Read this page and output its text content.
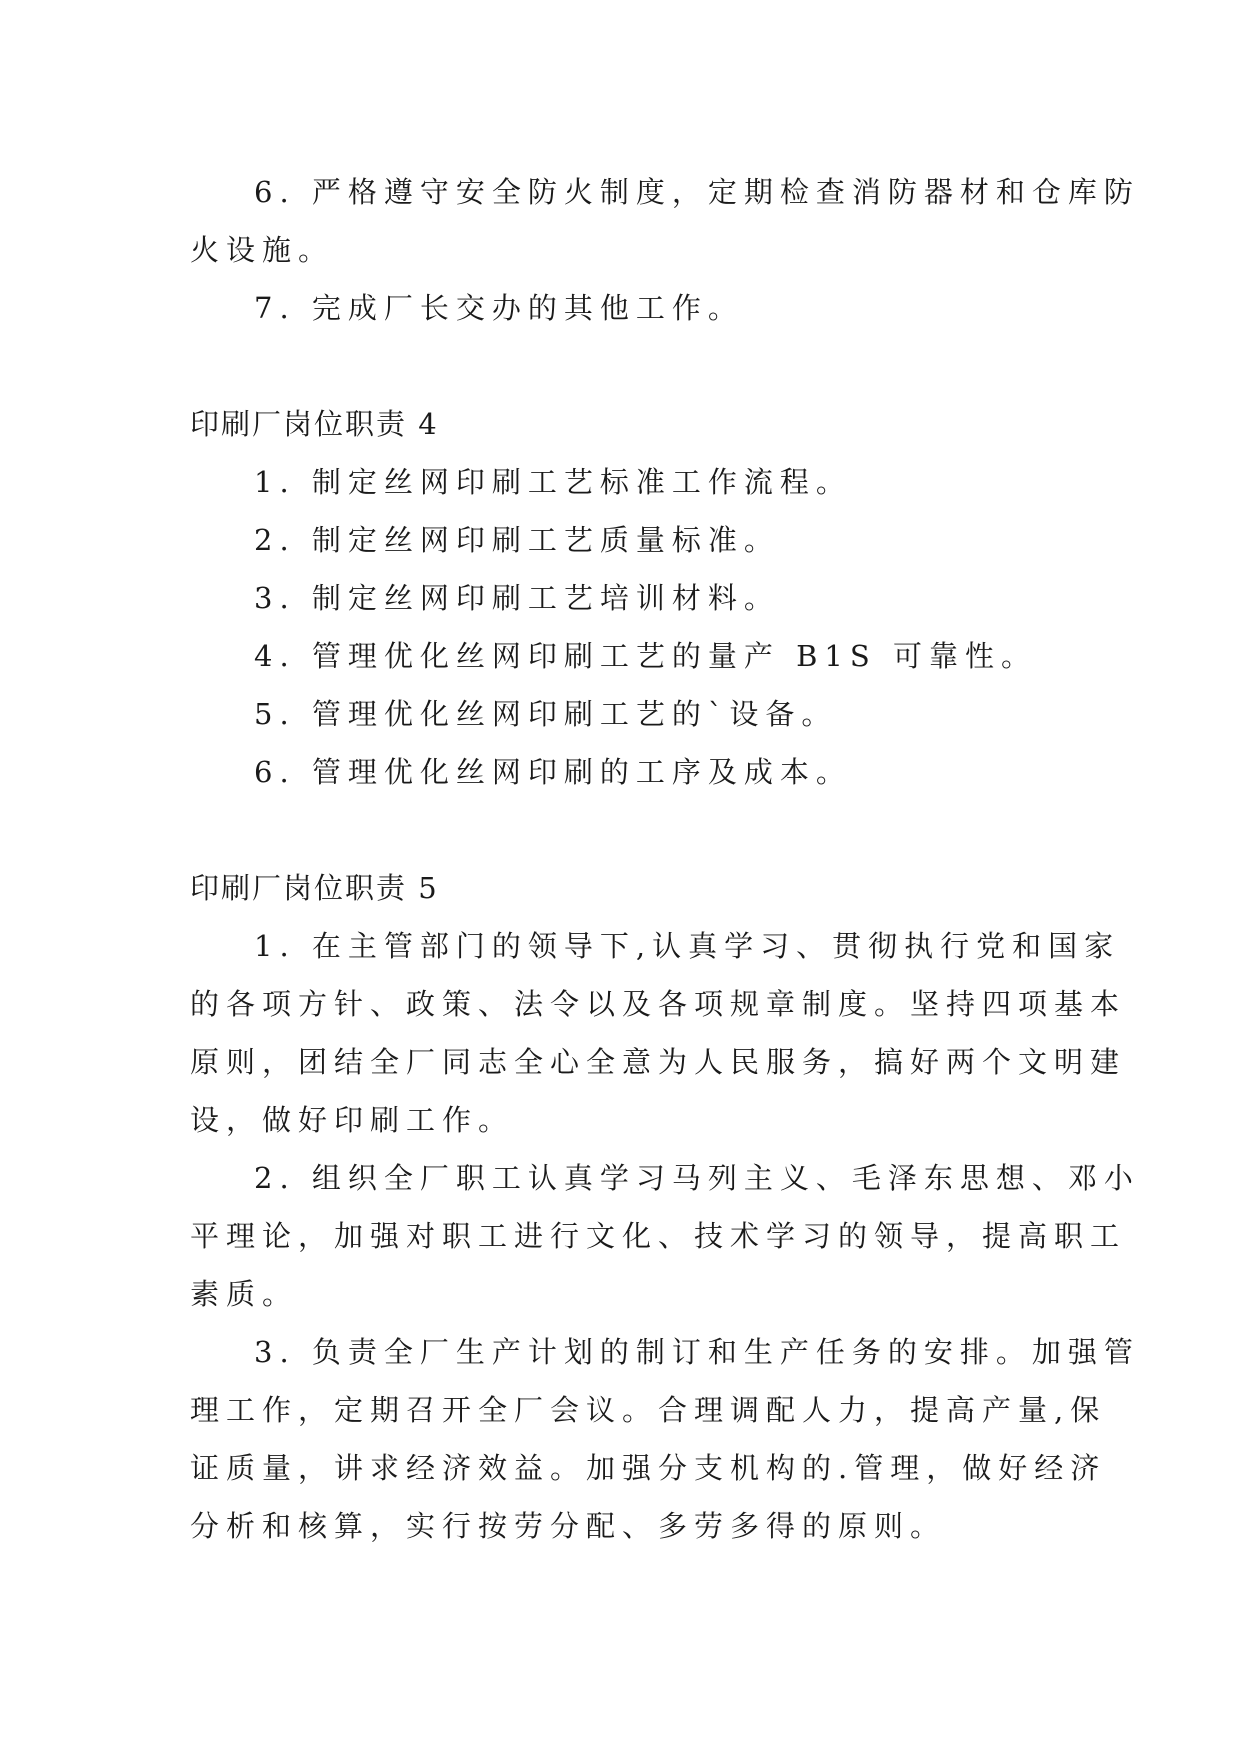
6. 严格遵守安全防火制度，定期检查消防器材和仓库防
火设施。
7. 完成厂长交办的其他工作。
印刷厂岗位职责 4
1. 制定丝网印刷工艺标准工作流程。
2. 制定丝网印刷工艺质量标准。
3. 制定丝网印刷工艺培训材料。
4. 管理优化丝网印刷工艺的量产 B1S 可靠性。
5. 管理优化丝网印刷工艺的`设备。
6. 管理优化丝网印刷的工序及成本。
印刷厂岗位职责 5
1. 在主管部门的领导下,认真学习、贯彻执行党和国家
的各项方针、政策、法令以及各项规章制度。坚持四项基本
原则，团结全厂同志全心全意为人民服务，搞好两个文明建
设，做好印刷工作。
2. 组织全厂职工认真学习马列主义、毛泽东思想、邓小
平理论，加强对职工进行文化、技术学习的领导，提高职工
素质。
3. 负责全厂生产计划的制订和生产任务的安排。加强管
理工作，定期召开全厂会议。合理调配人力，提高产量,保
证质量，讲求经济效益。加强分支机构的.管理，做好经济
分析和核算，实行按劳分配、多劳多得的原则。
